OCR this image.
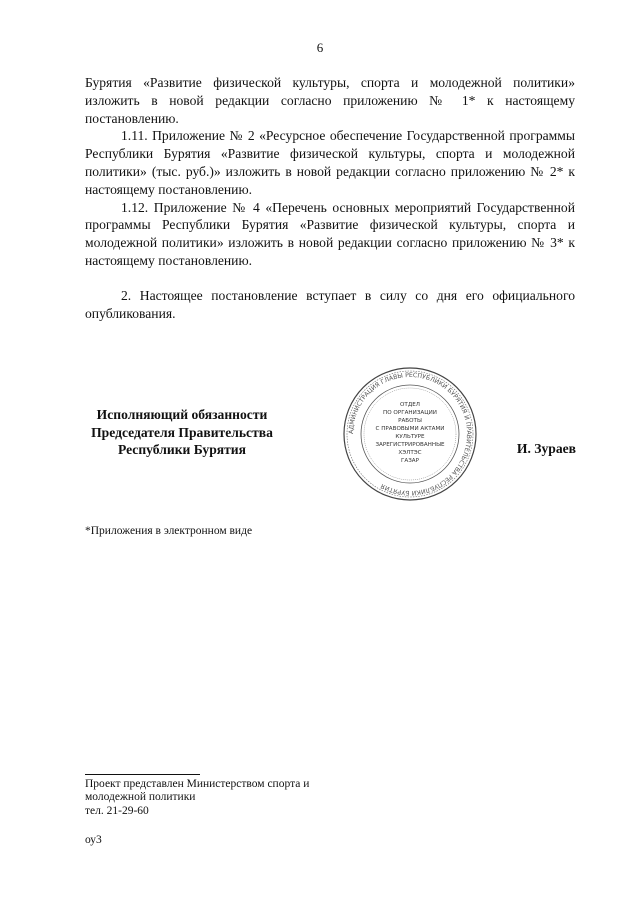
6

Бурятия «Развитие физической культуры, спорта и молодежной политики» изложить в новой редакции согласно приложению № 1* к настоящему постановлению.

1.11. Приложение № 2 «Ресурсное обеспечение Государственной программы Республики Бурятия «Развитие физической культуры, спорта и молодежной политики» (тыс. руб.)» изложить в новой редакции согласно приложению № 2* к настоящему постановлению.

1.12. Приложение № 4 «Перечень основных мероприятий Государственной программы Республики Бурятия «Развитие физической культуры, спорта и молодежной политики» изложить в новой редакции согласно приложению № 3* к настоящему постановлению.

2. Настоящее постановление вступает в силу со дня его официального опубликования.

Исполняющий обязанности
Председателя Правительства
Республики Бурятия
АДМИНИСТРАЦИЯ ГЛАВЫ РЕСПУБЛИКИ БУРЯТИЯ И ПРАВИТЕЛЬСТВА РЕСПУБЛИКИ БУРЯТИЯ
ОТДЕЛ
ПО ОРГАНИЗАЦИИ
РАБОТЫ
С ПРАВОВЫМИ АКТАМИ
КУЛЬТУРЕ
ЗАРЕГИСТРИРОВАННЫЕ
ХЭЛТЭС
ГАЗАР
И. Зураев
*Приложения в электронном виде
Проект представлен Министерством спорта и
молодежной политики
тел. 21-29-60
оу3
